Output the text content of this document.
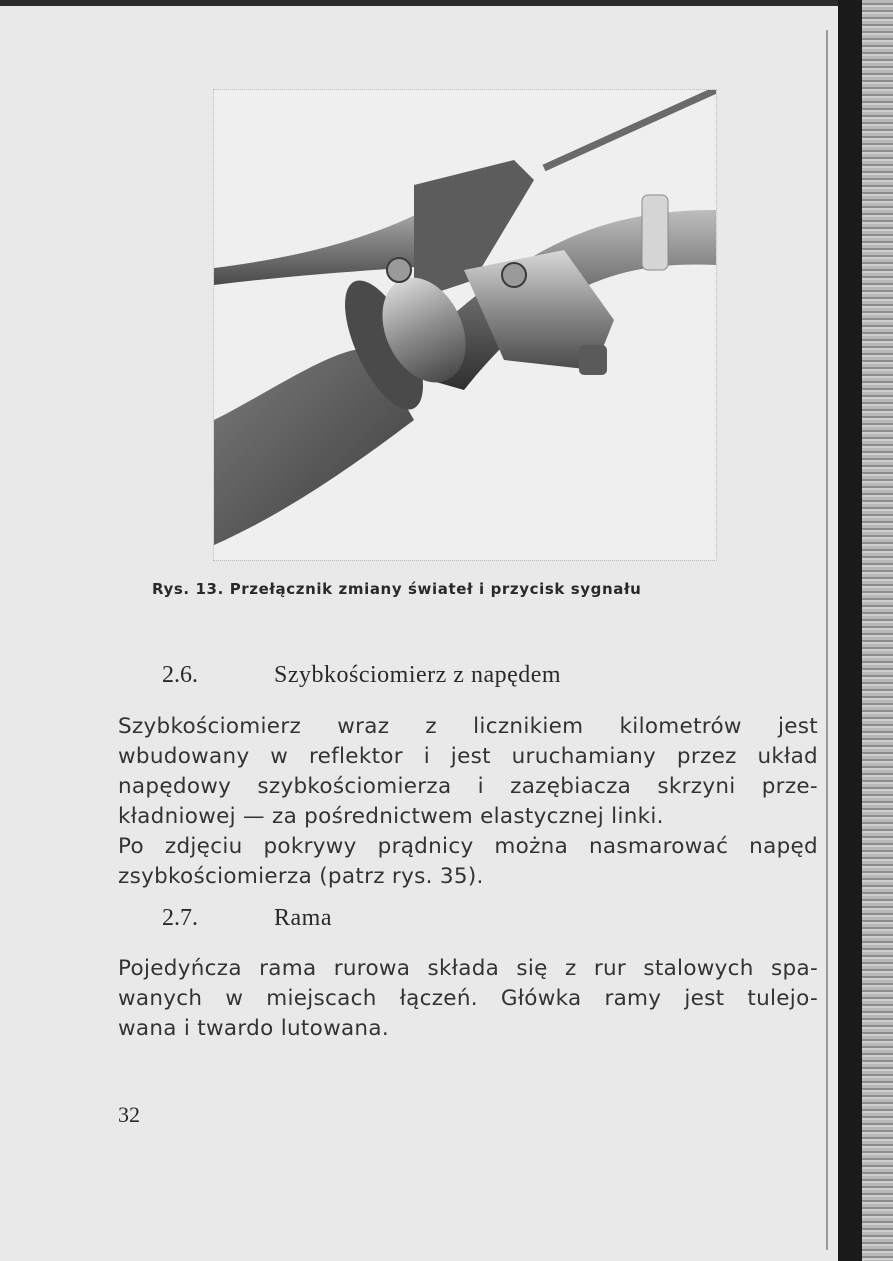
Rys. 13. Przełącznik zmiany świateł i przycisk sygnału
2.6.	Szybkościomierz z napędem
Szybkościomierz wraz z licznikiem kilometrów jest
wbudowany w reflektor i jest uruchamiany przez układ
napędowy szybkościomierza i zazębiacza skrzyni prze-
kładniowej — za pośrednictwem elastycznej linki.
Po zdjęciu pokrywy prądnicy można nasmarować napęd
zsybkościomierza (patrz rys. 35).
2.7.	Rama
Pojedyńcza rama rurowa składa się z rur stalowych spa-
wanych w miejscach łączeń. Główka ramy jest tulejo-
wana i twardo lutowana.
32
